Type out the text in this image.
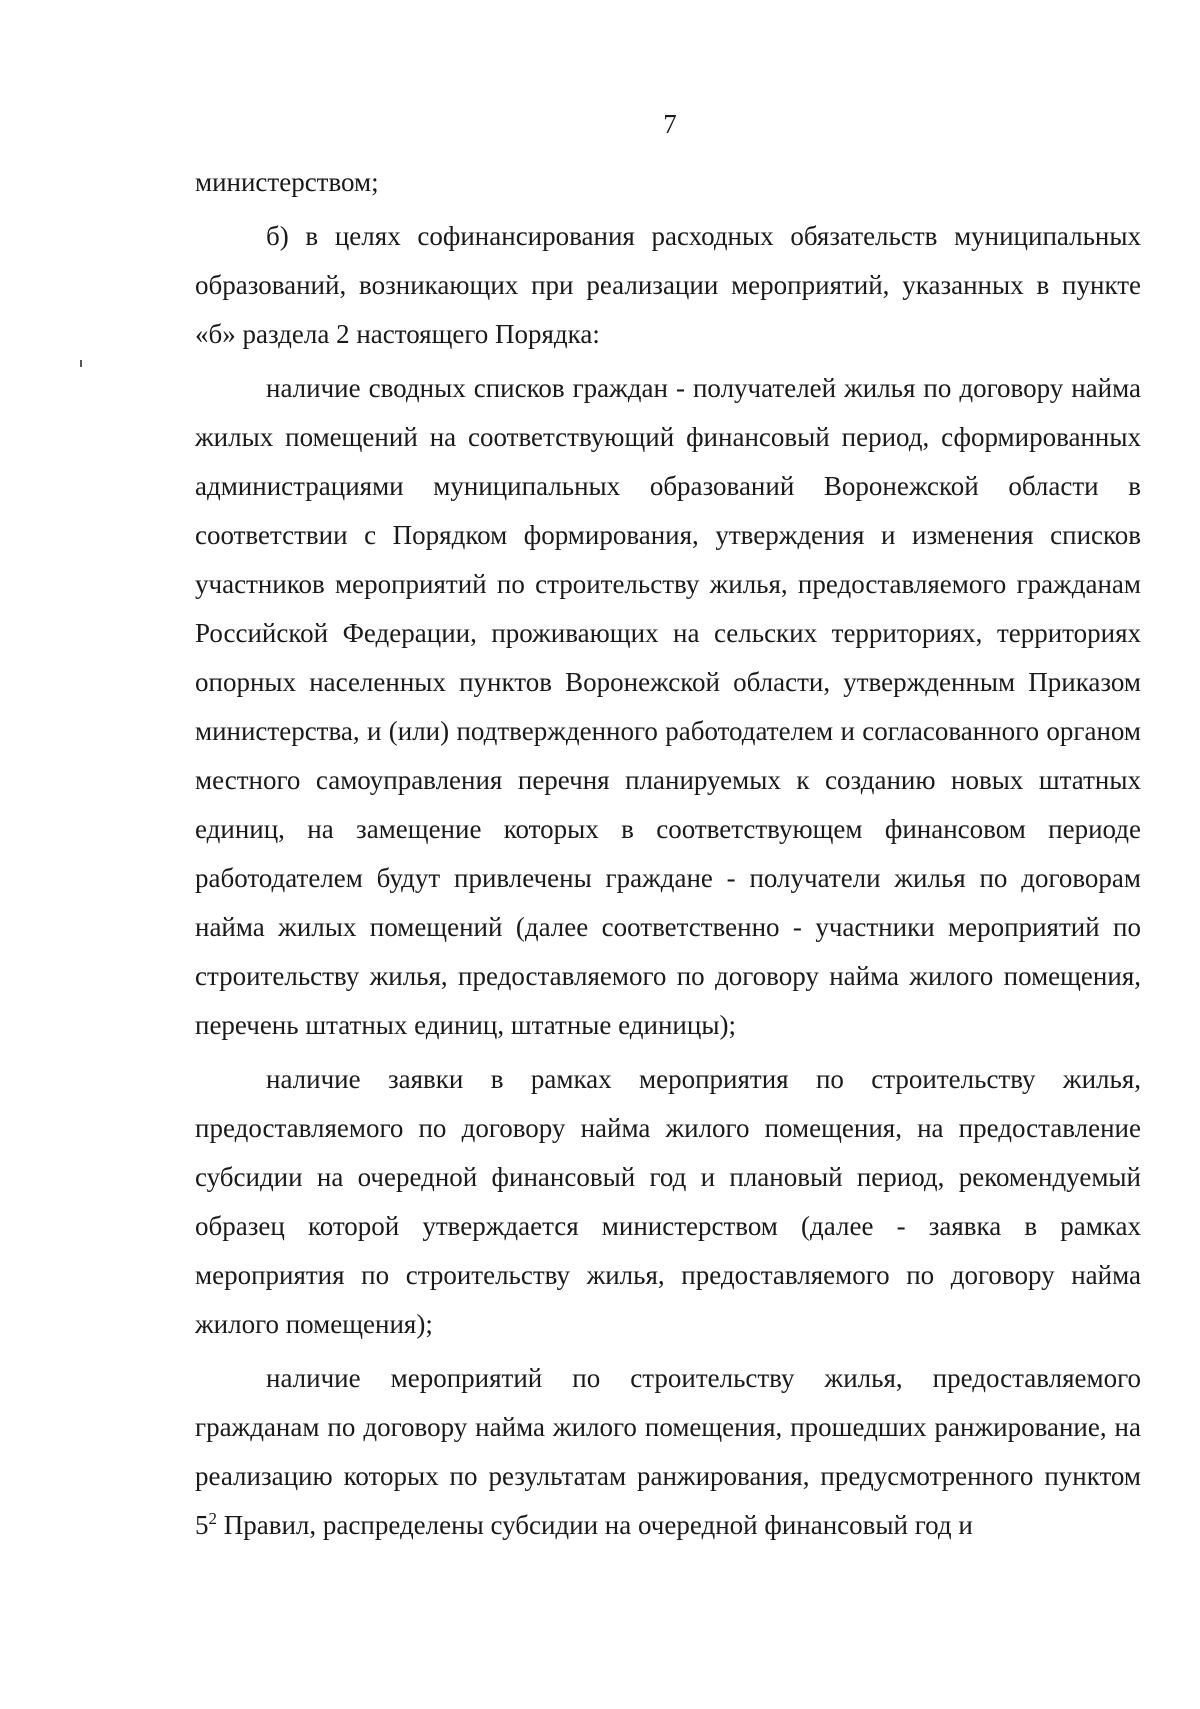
7

министерством;

б) в целях софинансирования расходных обязательств муниципальных образований, возникающих при реализации мероприятий, указанных в пункте «б» раздела 2 настоящего Порядка:

наличие сводных списков граждан - получателей жилья по договору найма жилых помещений на соответствующий финансовый период, сформированных администрациями муниципальных образований Воронежской области в соответствии с Порядком формирования, утверждения и изменения списков участников мероприятий по строительству жилья, предоставляемого гражданам Российской Федерации, проживающих на сельских территориях, территориях опорных населенных пунктов Воронежской области, утвержденным Приказом министерства, и (или) подтвержденного работодателем и согласованного органом местного самоуправления перечня планируемых к созданию новых штатных единиц, на замещение которых в соответствующем финансовом периоде работодателем будут привлечены граждане - получатели жилья по договорам найма жилых помещений (далее соответственно - участники мероприятий по строительству жилья, предоставляемого по договору найма жилого помещения, перечень штатных единиц, штатные единицы);

наличие заявки в рамках мероприятия по строительству жилья, предоставляемого по договору найма жилого помещения, на предоставление субсидии на очередной финансовый год и плановый период, рекомендуемый образец которой утверждается министерством (далее - заявка в рамках мероприятия по строительству жилья, предоставляемого по договору найма жилого помещения);

наличие мероприятий по строительству жилья, предоставляемого гражданам по договору найма жилого помещения, прошедших ранжирование, на реализацию которых по результатам ранжирования, предусмотренного пунктом $5^2$ Правил, распределены субсидии на очередной финансовый год и
